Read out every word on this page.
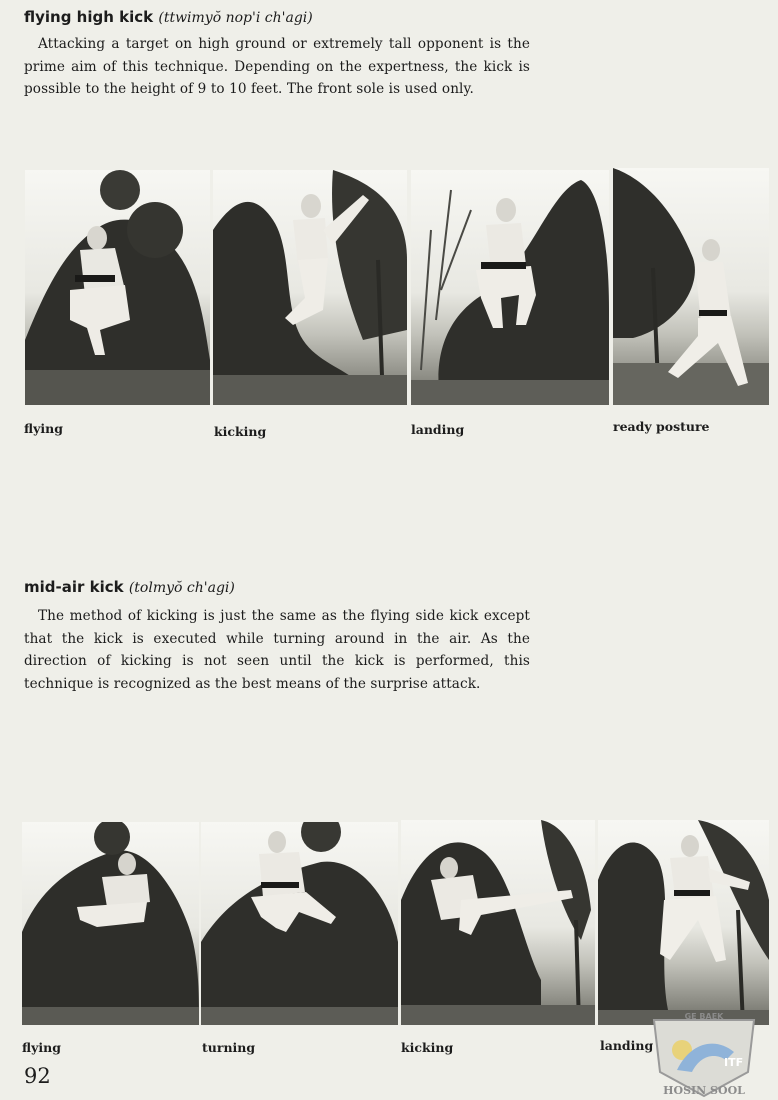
flying high kick (ttwimyŏ nop'i ch'agi)

Attacking a target on high ground or extremely tall opponent is the prime aim of this technique. Depending on the expertness, the kick is possible to the height of 9 to 10 feet. The front sole is used only.

flying	kicking	landing	ready posture

mid-air kick (tolmyŏ ch'agi)

The method of kicking is just the same as the flying side kick except that the kick is executed while turning around in the air. As the direction of kicking is not seen until the kick is performed, this technique is recognized as the best means of the surprise attack.

flying	turning	kicking	landing

92

GE BAEK
ITF
HOSIN SOOL
